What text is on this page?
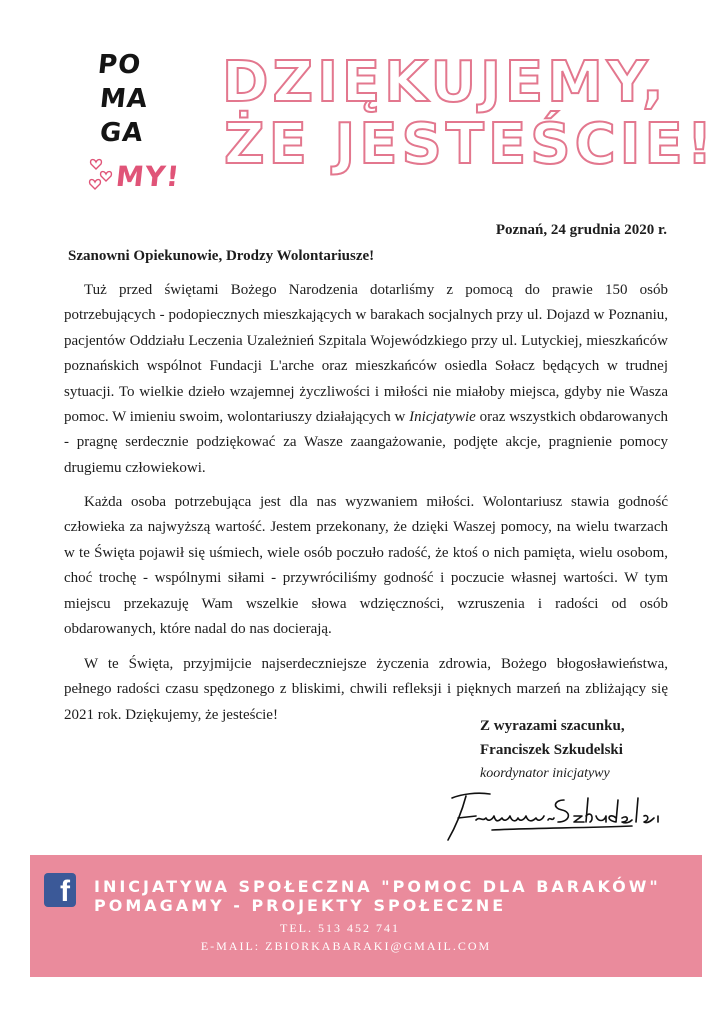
PO
MA
GA
MY!
DZIĘKUJEMY,
ŻE JESTEŚCIE!
Poznań, 24 grudnia 2020 r.
Szanowni Opiekunowie, Drodzy Wolontariusze!

Tuż przed świętami Bożego Narodzenia dotarliśmy z pomocą do prawie 150 osób potrzebujących - podopiecznych mieszkających w barakach socjalnych przy ul. Dojazd w Poznaniu, pacjentów Oddziału Leczenia Uzależnień Szpitala Wojewódzkiego przy ul. Lutyckiej, mieszkańców poznańskich wspólnot Fundacji L'arche oraz mieszkańców osiedla Sołacz będących w trudnej sytuacji. To wielkie dzieło wzajemnej życzliwości i miłości nie miałoby miejsca, gdyby nie Wasza pomoc. W imieniu swoim, wolontariuszy działających w Inicjatywie oraz wszystkich obdarowanych - pragnę serdecznie podziękować za Wasze zaangażowanie, podjęte akcje, pragnienie pomocy drugiemu człowiekowi.

Każda osoba potrzebująca jest dla nas wyzwaniem miłości. Wolontariusz stawia godność człowieka za najwyższą wartość. Jestem przekonany, że dzięki Waszej pomocy, na wielu twarzach w te Święta pojawił się uśmiech, wiele osób poczuło radość, że ktoś o nich pamięta, wielu osobom, choć trochę - wspólnymi siłami - przywróciliśmy godność i poczucie własnej wartości. W tym miejscu przekazuję Wam wszelkie słowa wdzięczności, wzruszenia i radości od osób obdarowanych, które nadal do nas docierają.

W te Święta, przyjmijcie najserdeczniejsze życzenia zdrowia, Bożego błogosławieństwa, pełnego radości czasu spędzonego z bliskimi, chwili refleksji i pięknych marzeń na zbliżający się 2021 rok. Dziękujemy, że jesteście!

Z wyrazami szacunku,
Franciszek Szkudelski
koordynator inicjatywy
f INICJATYWA SPOŁECZNA "POMOC DLA BARAKÓW"
POMAGAMY - PROJEKTY SPOŁECZNE
TEL. 513 452 741
E-MAIL: ZBIORKABARAKI@GMAIL.COM
